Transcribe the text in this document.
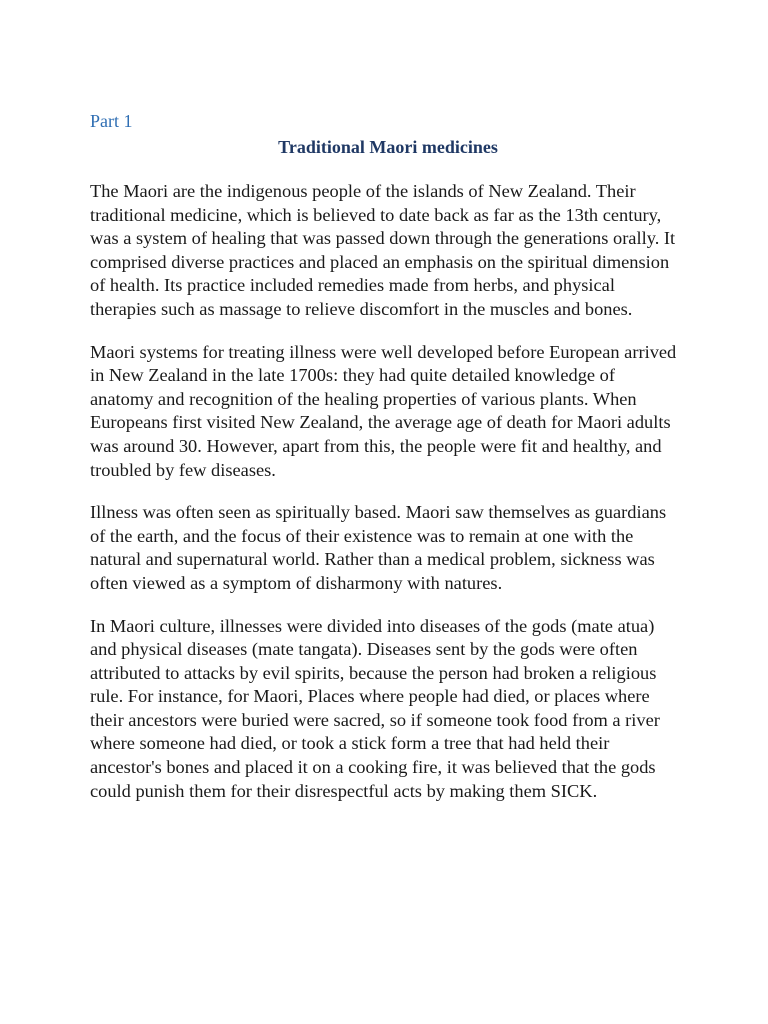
Part 1

Traditional Maori medicines

The Maori are the indigenous people of the islands of New Zealand. Their traditional medicine, which is believed to date back as far as the 13th century, was a system of healing that was passed down through the generations orally. It comprised diverse practices and placed an emphasis on the spiritual dimension of health. Its practice included remedies made from herbs, and physical therapies such as massage to relieve discomfort in the muscles and bones.

Maori systems for treating illness were well developed before European arrived in New Zealand in the late 1700s: they had quite detailed knowledge of anatomy and recognition of the healing properties of various plants. When Europeans first visited New Zealand, the average age of death for Maori adults was around 30. However, apart from this, the people were fit and healthy, and troubled by few diseases.

Illness was often seen as spiritually based. Maori saw themselves as guardians of the earth, and the focus of their existence was to remain at one with the natural and supernatural world. Rather than a medical problem, sickness was often viewed as a symptom of disharmony with natures.

In Maori culture, illnesses were divided into diseases of the gods (mate atua) and physical diseases (mate tangata). Diseases sent by the gods were often attributed to attacks by evil spirits, because the person had broken a religious rule. For instance, for Maori, Places where people had died, or places where their ancestors were buried were sacred, so if someone took food from a river where someone had died, or took a stick form a tree that had held their ancestor's bones and placed it on a cooking fire, it was believed that the gods could punish them for their disrespectful acts by making them SICK.
